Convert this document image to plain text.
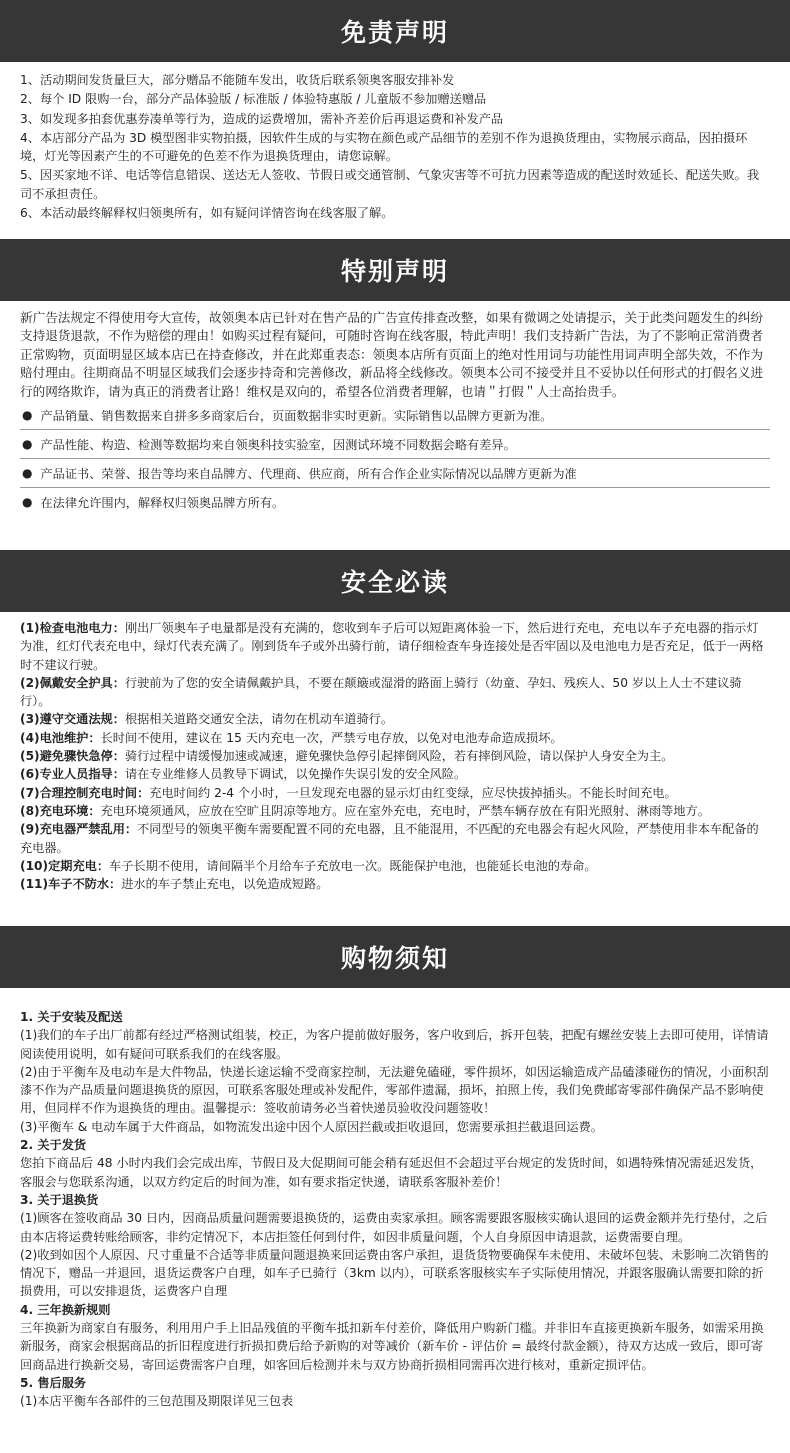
免责声明

1、活动期间发货量巨大，部分赠品不能随车发出，收货后联系领奥客服安排补发

2、每个 ID 限购一台，部分产品体验版 / 标准版 / 体验特惠版 / 儿童版不参加赠送赠品

3、如发现多拍套优惠券凑单等行为，造成的运费增加，需补齐差价后再退运费和补发产品

4、本店部分产品为 3D 模型图非实物拍摄，因软件生成的与实物在颜色或产品细节的差别不作为退换货理由，实物展示商品，因拍摄环境，灯光等因素产生的不可避免的色差不作为退换货理由，请您谅解。

5、因买家地不详、电话等信息错误、送达无人签收、节假日或交通管制、气象灾害等不可抗力因素等造成的配送时效延长、配送失败。我司不承担责任。

6、本活动最终解释权归领奥所有，如有疑问详情咨询在线客服了解。

特别声明

新广告法规定不得使用夸大宣传，故领奥本店已针对在售产品的广告宣传排查改整，如果有微调之处请提示，关于此类问题发生的纠纷支持退货退款，不作为赔偿的理由！如购买过程有疑问，可随时咨询在线客服，特此声明！我们支持新广告法，为了不影响正常消费者正常购物，页面明显区域本店已在持查修改，并在此郑重表态：领奥本店所有页面上的绝对性用词与功能性用词声明全部失效，不作为赔付理由。往期商品不明显区域我们会逐步持奇和完善修改，新品将全线修改。领奥本公司不接受并且不妥协以任何形式的打假名义进行的网络欺诈，请为真正的消费者让路！维权是双向的，希望各位消费者理解，也请＂打假＂人士高抬贵手。

● 产品销量、销售数据来自拼多多商家后台，页面数据非实时更新。实际销售以品牌方更新为准。
● 产品性能、构造、检测等数据均来自领奥科技实验室，因测试环境不同数据会略有差异。
● 产品证书、荣誉、报告等均来自品牌方、代理商、供应商，所有合作企业实际情况以品牌方更新为准
● 在法律允许围内，解释权归领奥品牌方所有。
安全必读

(1)检查电池电力：刚出厂领奥车子电量都是没有充满的，您收到车子后可以短距离体验一下，然后进行充电，充电以车子充电器的指示灯为准，红灯代表充电中，绿灯代表充满了。刚到货车子或外出骑行前，请仔细检查车身连接处是否牢固以及电池电力是否充足，低于一两格时不建议行驶。

(2)佩戴安全护具：行驶前为了您的安全请佩戴护具，不要在颠簸或湿滑的路面上骑行（幼童、孕妇、残疾人、50 岁以上人士不建议骑行）。

(3)遵守交通法规：根据相关道路交通安全法，请勿在机动车道骑行。

(4)电池维护：长时间不使用，建议在 15 天内充电一次，严禁亏电存放，以免对电池寿命造成损坏。

(5)避免骤快急停：骑行过程中请缓慢加速或减速，避免骤快急停引起摔倒风险，若有摔倒风险，请以保护人身安全为主。

(6)专业人员指导：请在专业维修人员教导下调试，以免操作失误引发的安全风险。

(7)合理控制充电时间：充电时间约 2-4 个小时，一旦发现充电器的显示灯由红变绿，应尽快拔掉插头。不能长时间充电。

(8)充电环境：充电环境须通风，应放在空旷且阴凉等地方。应在室外充电，充电时，严禁车辆存放在有阳光照射、淋雨等地方。

(9)充电器严禁乱用：不同型号的领奥平衡车需要配置不同的充电器，且不能混用，不匹配的充电器会有起火风险，严禁使用非本车配备的充电器。

(10)定期充电：车子长期不使用，请间隔半个月给车子充放电一次。既能保护电池，也能延长电池的寿命。

(11)车子不防水：进水的车子禁止充电，以免造成短路。

购物须知

1. 关于安装及配送

(1)我们的车子出厂前都有经过严格测试组装，校正，为客户提前做好服务，客户收到后，拆开包装，把配有螺丝安装上去即可使用，详情请阅读使用说明，如有疑问可联系我们的在线客服。

(2)由于平衡车及电动车是大件物品，快递长途运输不受商家控制，无法避免磕碰，零件损坏，如因运输造成产品磕漆碰伤的情况，小面积刮漆不作为产品质量问题退换货的原因，可联系客服处理或补发配件，零部件遗漏，损坏，拍照上传，我们免费邮寄零部件确保产品不影响使用，但同样不作为退换货的理由。温馨提示：签收前请务必当着快递员验收没问题签收！

(3)平衡车 & 电动车属于大件商品，如物流发出途中因个人原因拦截或拒收退回，您需要承担拦截退回运费。

2. 关于发货

您拍下商品后 48 小时内我们会完成出库，节假日及大促期间可能会稍有延迟但不会超过平台规定的发货时间，如遇特殊情况需延迟发货，客服会与您联系沟通，以双方约定后的时间为准，如有要求指定快递，请联系客服补差价！

3. 关于退换货

(1)顾客在签收商品 30 日内，因商品质量问题需要退换货的，运费由卖家承担。顾客需要跟客服核实确认退回的运费金额并先行垫付，之后由本店将运费转账给顾客，非约定情况下，本店拒签任何到付件，如因非质量问题，个人自身原因申请退款，运费需要自理。

(2)收到如因个人原因、尺寸重量不合适等非质量问题退换来回运费由客户承担，退货货物要确保车未使用、未破坏包装、未影响二次销售的情况下，赠品一并退回，退货运费客户自理，如车子已骑行（3km 以内），可联系客服核实车子实际使用情况，并跟客服确认需要扣除的折损费用，可以安排退货，运费客户自理

4. 三年换新规则

三年换新为商家自有服务，利用用户手上旧品残值的平衡车抵扣新车付差价，降低用户购新门槛。并非旧车直接更换新车服务，如需采用换新服务，商家会根据商品的折旧程度进行折损扣费后给予新购的对等减价（新车价 - 评估价 = 最终付款金额），待双方达成一致后，即可寄回商品进行换新交易，寄回运费需客户自理，如客回后检测并未与双方协商折损相同需再次进行核对，重新定损评估。

5. 售后服务

(1)本店平衡车各部件的三包范围及期限详见三包表
